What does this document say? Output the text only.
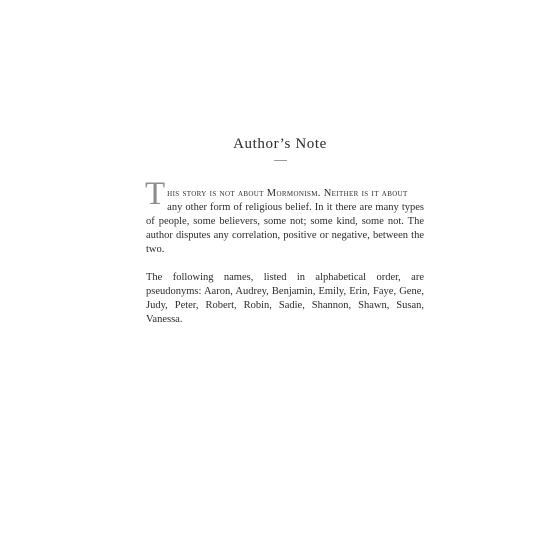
Author’s Note

T his story is not about Mormonism. Neither is it about
any other form of religious belief. In it there are many types of people, some believers, some not; some kind, some not. The author disputes any correlation, positive or negative, between the two.

The following names, listed in alphabetical order, are pseudonyms: Aaron, Audrey, Benjamin, Emily, Erin, Faye, Gene, Judy, Peter, Robert, Robin, Sadie, Shannon, Shawn, Susan, Vanessa.
